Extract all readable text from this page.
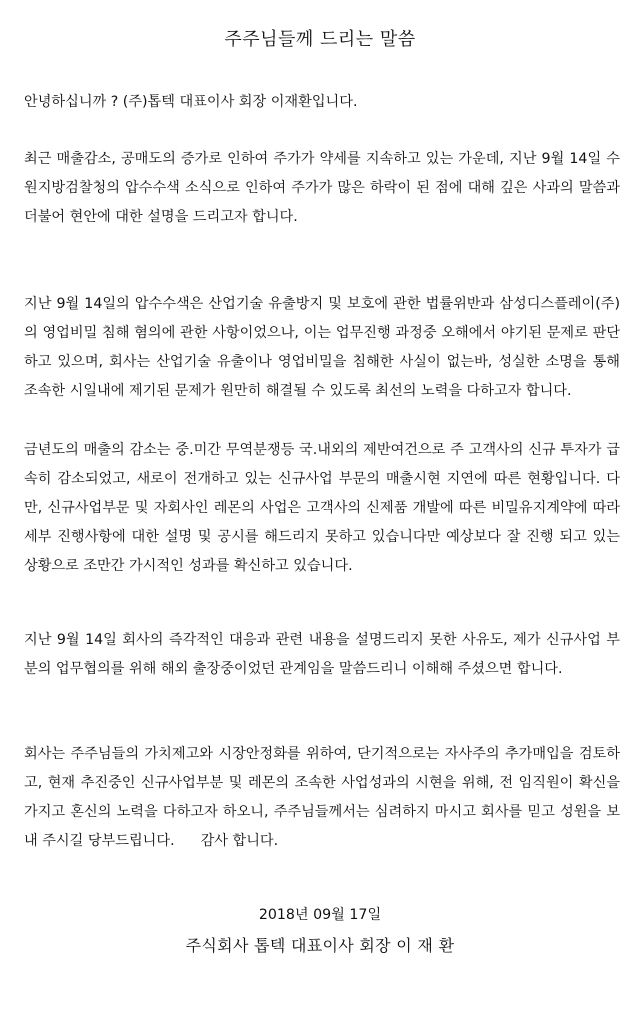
주주님들께 드리는 말씀

안녕하십니까 ? (주)톱텍 대표이사 회장 이재환입니다.

최근 매출감소, 공매도의 증가로 인하여 주가가 약세를 지속하고 있는 가운데, 지난 9월 14일 수원지방검찰청의 압수수색 소식으로 인하여 주가가 많은 하락이 된 점에 대해 깊은 사과의 말씀과 더불어 현안에 대한 설명을 드리고자 합니다.

지난 9월 14일의 압수수색은 산업기술 유출방지 및 보호에 관한 법률위반과 삼성디스플레이(주)의 영업비밀 침해 혐의에 관한 사항이었으나, 이는 업무진행 과정중 오해에서 야기된 문제로 판단하고 있으며, 회사는 산업기술 유출이나 영업비밀을 침해한 사실이 없는바, 성실한 소명을 통해 조속한 시일내에 제기된 문제가 원만히 해결될 수 있도록 최선의 노력을 다하고자 합니다.

금년도의 매출의 감소는 중.미간 무역분쟁등 국.내외의 제반여건으로 주 고객사의 신규 투자가 급속히 감소되었고, 새로이 전개하고 있는 신규사업 부문의 매출시현 지연에 따른 현황입니다. 다만, 신규사업부문 및 자회사인 레몬의 사업은 고객사의 신제품 개발에 따른 비밀유지계약에 따라 세부 진행사항에 대한 설명 및 공시를 해드리지 못하고 있습니다만 예상보다 잘 진행 되고 있는 상황으로 조만간 가시적인 성과를 확신하고 있습니다.

지난 9월 14일 회사의 즉각적인 대응과 관련 내용을 설명드리지 못한 사유도, 제가 신규사업 부분의 업무협의를 위해 해외 출장중이었던 관계임을 말씀드리니 이해해 주셨으면 합니다.

회사는 주주님들의 가치제고와 시장안정화를 위하여, 단기적으로는 자사주의 추가매입을 검토하고, 현재 추진중인 신규사업부분 및 레몬의 조속한 사업성과의 시현을 위해, 전 임직원이 확신을 가지고 혼신의 노력을 다하고자 하오니, 주주님들께서는 심려하지 마시고 회사를 믿고 성원을 보내 주시길 당부드립니다. 감사 합니다.

2018년 09월 17일
주식회사 톱텍 대표이사 회장 이 재 환
